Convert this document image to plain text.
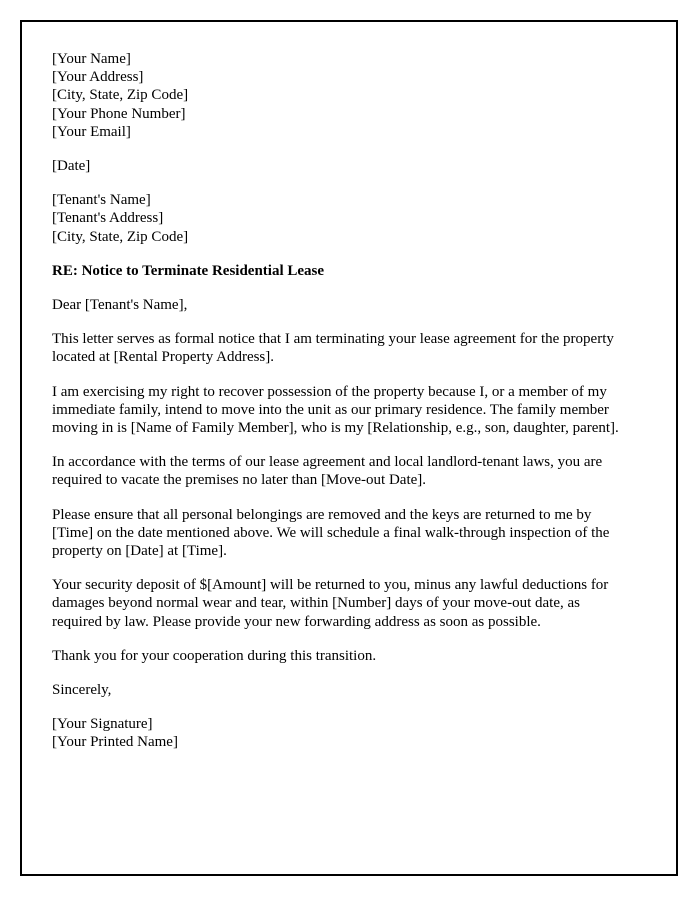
[Your Name]
[Your Address]
[City, State, Zip Code]
[Your Phone Number]
[Your Email]
[Date]
[Tenant's Name]
[Tenant's Address]
[City, State, Zip Code]
RE: Notice to Terminate Residential Lease
Dear [Tenant's Name],
This letter serves as formal notice that I am terminating your lease agreement for the property located at [Rental Property Address].
I am exercising my right to recover possession of the property because I, or a member of my immediate family, intend to move into the unit as our primary residence. The family member moving in is [Name of Family Member], who is my [Relationship, e.g., son, daughter, parent].
In accordance with the terms of our lease agreement and local landlord-tenant laws, you are required to vacate the premises no later than [Move-out Date].
Please ensure that all personal belongings are removed and the keys are returned to me by [Time] on the date mentioned above. We will schedule a final walk-through inspection of the property on [Date] at [Time].
Your security deposit of $[Amount] will be returned to you, minus any lawful deductions for damages beyond normal wear and tear, within [Number] days of your move-out date, as required by law. Please provide your new forwarding address as soon as possible.
Thank you for your cooperation during this transition.
Sincerely,
[Your Signature]
[Your Printed Name]
